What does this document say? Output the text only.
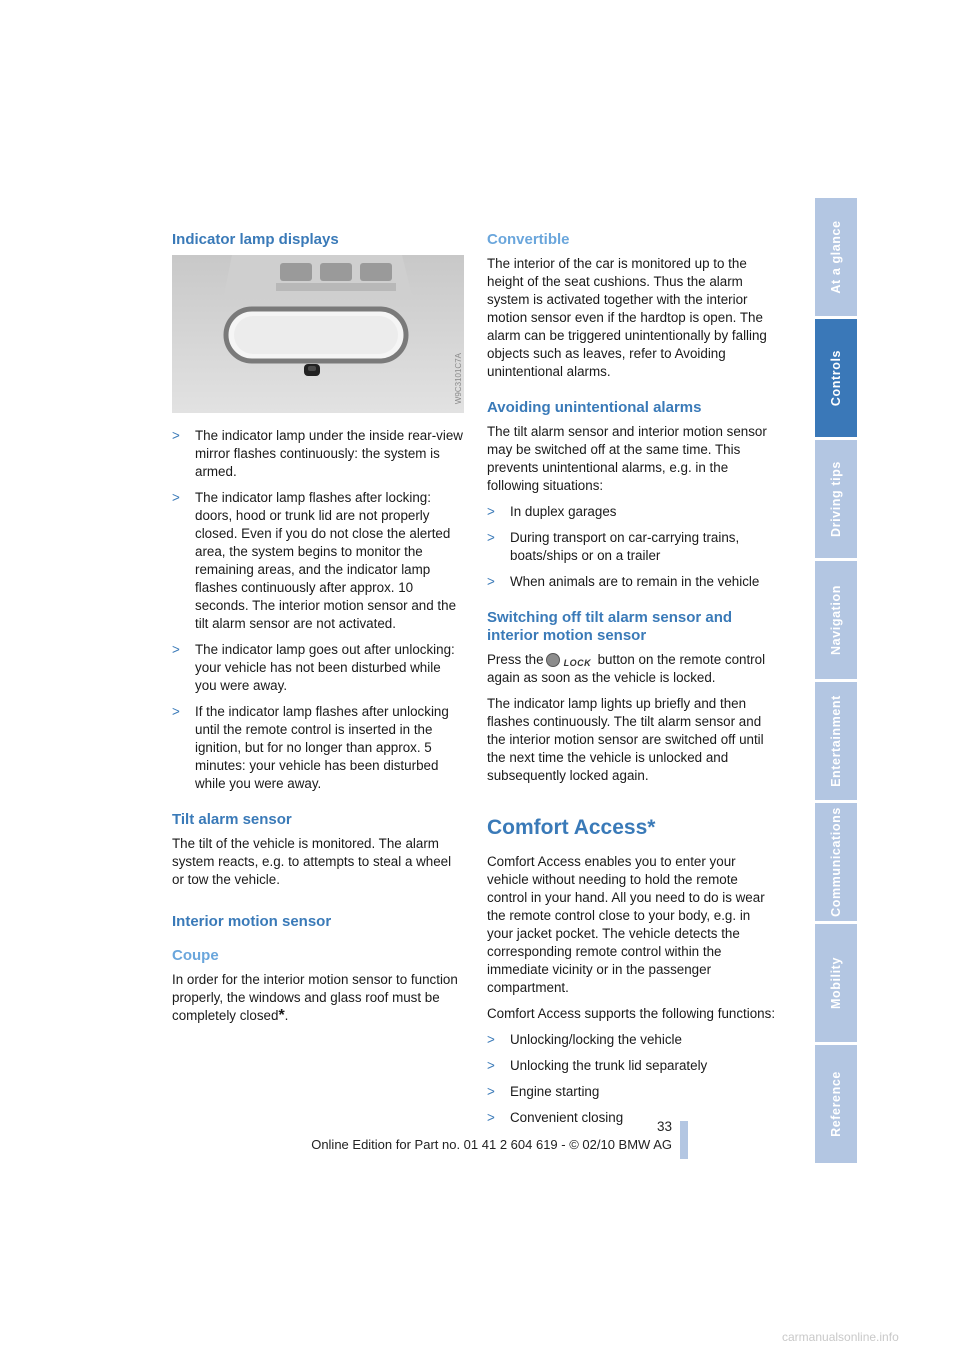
Indicator lamp displays
W9C3101C7A
> The indicator lamp under the inside rear-view mirror flashes continuously: the system is armed.
> The indicator lamp flashes after locking: doors, hood or trunk lid are not properly closed. Even if you do not close the alerted area, the system begins to monitor the remaining areas, and the indicator lamp flashes continuously after approx. 10 seconds. The interior motion sensor and the tilt alarm sensor are not activated.
> The indicator lamp goes out after unlocking: your vehicle has not been disturbed while you were away.
> If the indicator lamp flashes after unlocking until the remote control is inserted in the ignition, but for no longer than approx. 5 minutes: your vehicle has been disturbed while you were away.
Tilt alarm sensor

The tilt of the vehicle is monitored. The alarm system reacts, e.g. to attempts to steal a wheel or tow the vehicle.

Interior motion sensor
Coupe

In order for the interior motion sensor to function properly, the windows and glass roof must be completely closed*.

Convertible

The interior of the car is monitored up to the height of the seat cushions. Thus the alarm system is activated together with the interior motion sensor even if the hardtop is open. The alarm can be triggered unintentionally by falling objects such as leaves, refer to Avoiding unintentional alarms.

Avoiding unintentional alarms

The tilt alarm sensor and interior motion sensor may be switched off at the same time. This prevents unintentional alarms, e.g. in the following situations:

> In duplex garages
> During transport on car-carrying trains, boats/ships or on a trailer
> When animals are to remain in the vehicle
Switching off tilt alarm sensor and interior motion sensor

Press the LOCK button on the remote control again as soon as the vehicle is locked.

The indicator lamp lights up briefly and then flashes continuously. The tilt alarm sensor and the interior motion sensor are switched off until the next time the vehicle is unlocked and subsequently locked again.

Comfort Access*

Comfort Access enables you to enter your vehicle without needing to hold the remote control in your hand. All you need to do is wear the remote control close to your body, e.g. in your jacket pocket. The vehicle detects the corresponding remote control within the immediate vicinity or in the passenger compartment.

Comfort Access supports the following functions:

> Unlocking/locking the vehicle
> Unlocking the trunk lid separately
> Engine starting
> Convenient closing
At a glance
Controls
Driving tips
Navigation
Entertainment
Communications
Mobility
Reference
33
Online Edition for Part no. 01 41 2 604 619 - © 02/10 BMW AG
carmanualsonline.info
